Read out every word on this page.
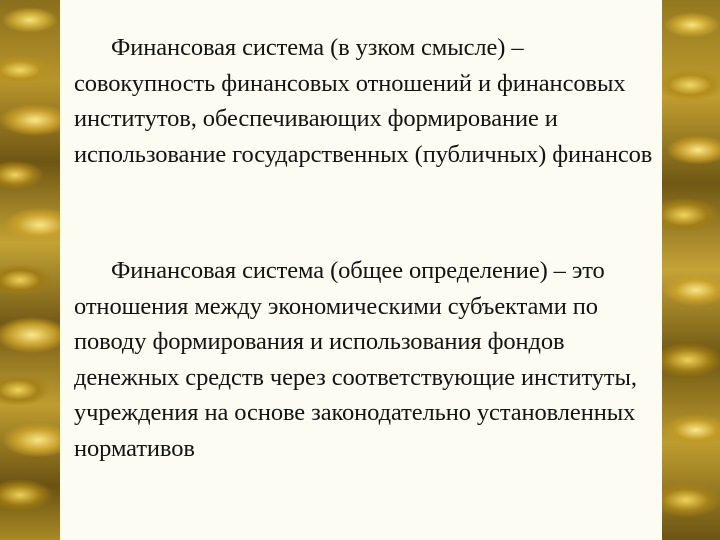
Финансовая система (в узком смысле) – совокупность финансовых отношений и финансовых институтов, обеспечивающих формирование и использование государственных (публичных) финансов
Финансовая система (общее определение) – это отношения между экономическими субъектами по поводу формирования и использования фондов денежных средств через соответствующие институты, учреждения на основе законодательно установленных нормативов
